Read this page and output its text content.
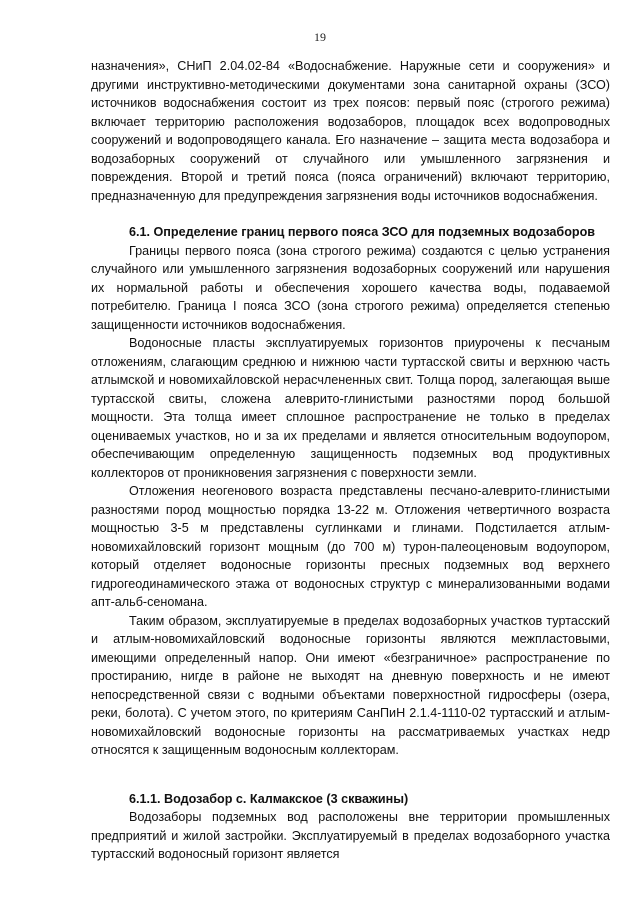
19

назначения», СНиП 2.04.02-84 «Водоснабжение. Наружные сети и сооружения» и другими инструктивно-методическими документами зона санитарной охраны (ЗСО) источников водоснабжения состоит из трех поясов: первый пояс (строгого режима) включает территорию расположения водозаборов, площадок всех водопроводных сооружений и водопроводящего канала. Его назначение – защита места водозабора и водозаборных сооружений от случайного или умышленного загрязнения и повреждения. Второй и третий пояса (пояса ограничений) включают территорию, предназначенную для предупреждения загрязнения воды источников водоснабжения.

6.1. Определение границ первого пояса ЗСО для подземных водозаборов

Границы первого пояса (зона строгого режима) создаются с целью устранения случайного или умышленного загрязнения водозаборных сооружений или нарушения их нормальной работы и обеспечения хорошего качества воды, подаваемой потребителю. Граница I пояса ЗСО (зона строгого режима) определяется степенью защищенности источников водоснабжения.

Водоносные пласты эксплуатируемых горизонтов приурочены к песчаным отложениям, слагающим среднюю и нижнюю части туртасской свиты и верхнюю часть атлымской и новомихайловской нерасчлененных свит. Толща пород, залегающая выше туртасской свиты, сложена алеврито-глинистыми разностями пород большой мощности. Эта толща имеет сплошное распространение не только в пределах оцениваемых участков, но и за их пределами и является относительным водоупором, обеспечивающим определенную защищенность подземных вод продуктивных коллекторов от проникновения загрязнения с поверхности земли.

Отложения неогенового возраста представлены песчано-алеврито-глинистыми разностями пород мощностью порядка 13-22 м. Отложения четвертичного возраста мощностью 3-5 м представлены суглинками и глинами. Подстилается атлым-новомихайловский горизонт мощным (до 700 м) турон-палеоценовым водоупором, который отделяет водоносные горизонты пресных подземных вод верхнего гидрогеодинамического этажа от водоносных структур с минерализованными водами апт-альб-сеномана.

Таким образом, эксплуатируемые в пределах водозаборных участков туртасский и атлым-новомихайловский водоносные горизонты являются межпластовыми, имеющими определенный напор. Они имеют «безграничное» распространение по простиранию, нигде в районе не выходят на дневную поверхность и не имеют непосредственной связи с водными объектами поверхностной гидросферы (озера, реки, болота). С учетом этого, по критериям СанПиН 2.1.4-1110-02 туртасский и атлым-новомихайловский водоносные горизонты на рассматриваемых участках недр относятся к защищенным водоносным коллекторам.

6.1.1. Водозабор с. Калмакское (3 скважины)

Водозаборы подземных вод расположены вне территории промышленных предприятий и жилой застройки. Эксплуатируемый в пределах водозаборного участка туртасский водоносный горизонт является
